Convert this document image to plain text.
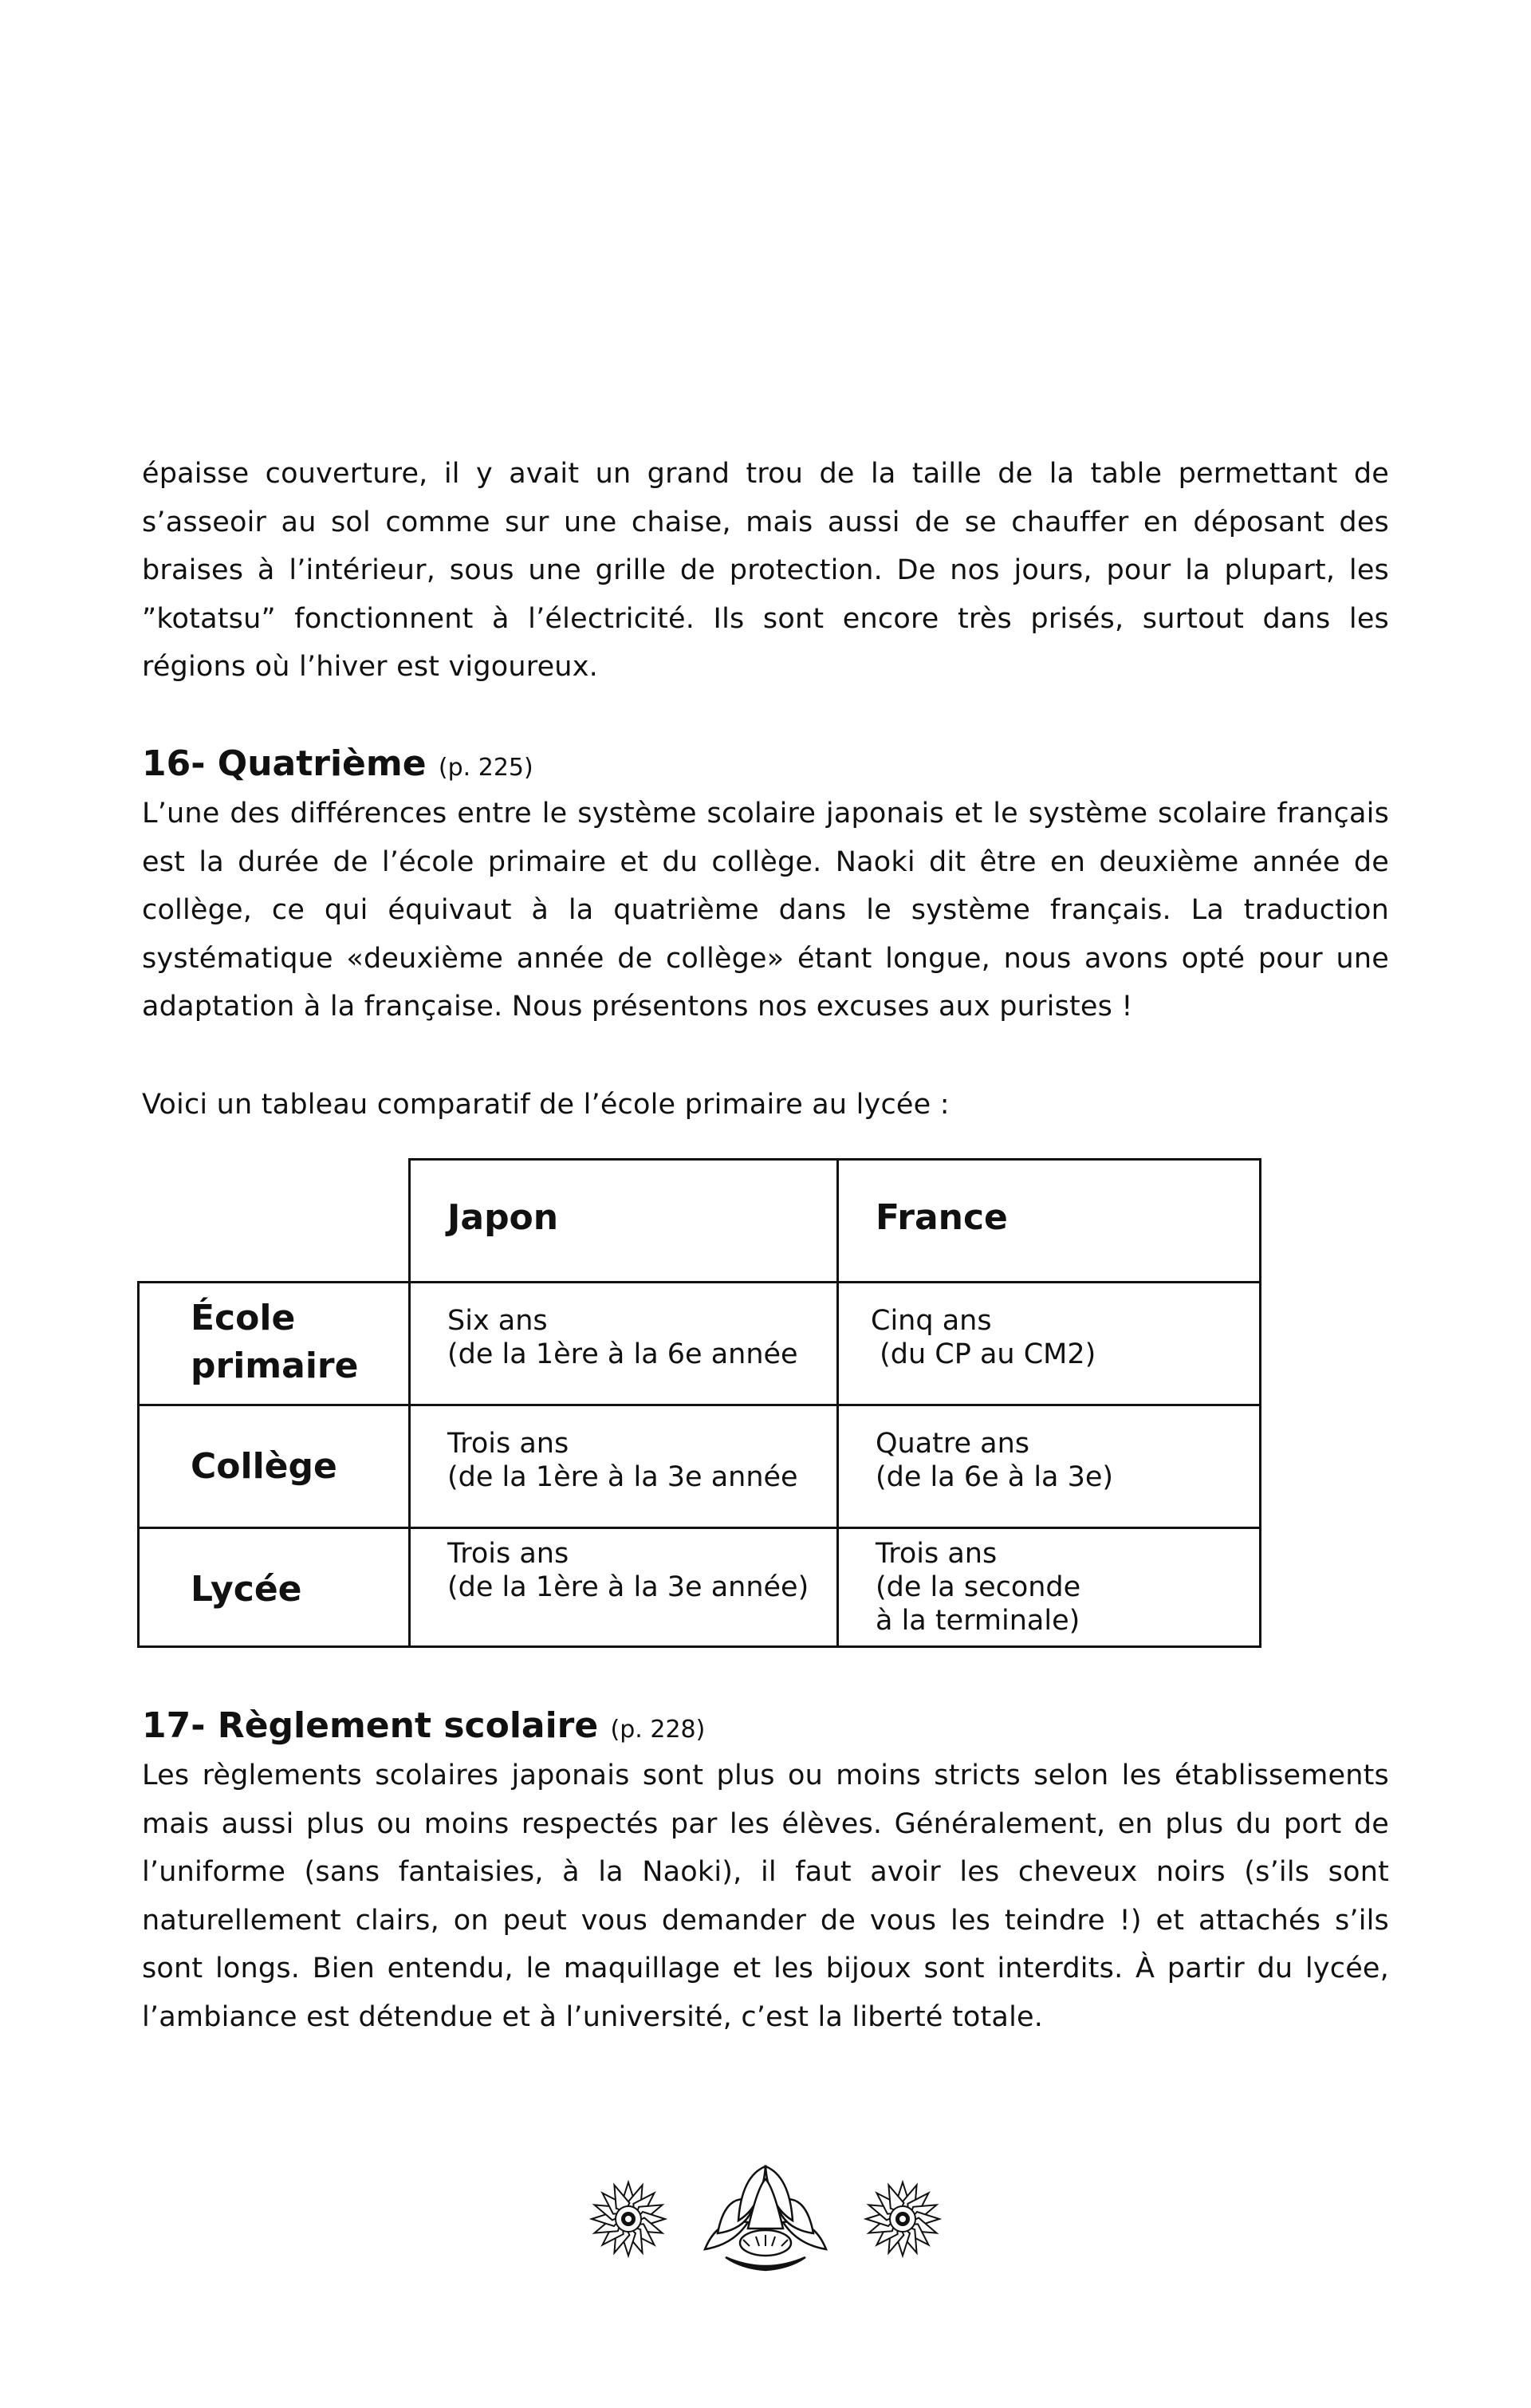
épaisse couverture, il y avait un grand trou de la taille de la table permettant de s’asseoir au sol comme sur une chaise, mais aussi de se chauffer en déposant des braises à l’intérieur, sous une grille de protection. De nos jours, pour la plupart, les ”kotatsu” fonctionnent à l’électricité. Ils sont encore très prisés, surtout dans les régions où l’hiver est vigoureux.

16- Quatrième (p. 225)

L’une des différences entre le système scolaire japonais et le système scolaire français est la durée de l’école primaire et du collège. Naoki dit être en deuxième année de collège, ce qui équivaut à la quatrième dans le système français. La traduction systématique «deuxième année de collège» étant longue, nous avons opté pour une adaptation à la française. Nous présentons nos excuses aux puristes !

Voici un tableau comparatif de l’école primaire au lycée :

Japon	France
École primaire
Six ans
(de la 1ère à la 6e année
Cinq ans
(du CP au CM2)
Collège
Trois ans
(de la 1ère à la 3e année
Quatre ans
(de la 6e à la 3e)
Lycée
Trois ans
(de la 1ère à la 3e année)
Trois ans
(de la seconde
à la terminale)
17- Règlement scolaire (p. 228)

Les règlements scolaires japonais sont plus ou moins stricts selon les établissements mais aussi plus ou moins respectés par les élèves. Généralement, en plus du port de l’uniforme (sans fantaisies, à la Naoki), il faut avoir les cheveux noirs (s’ils sont naturellement clairs, on peut vous demander de vous les teindre !) et attachés s’ils sont longs. Bien entendu, le maquillage et les bijoux sont interdits. À partir du lycée, l’ambiance est détendue et à l’université, c’est la liberté totale.
